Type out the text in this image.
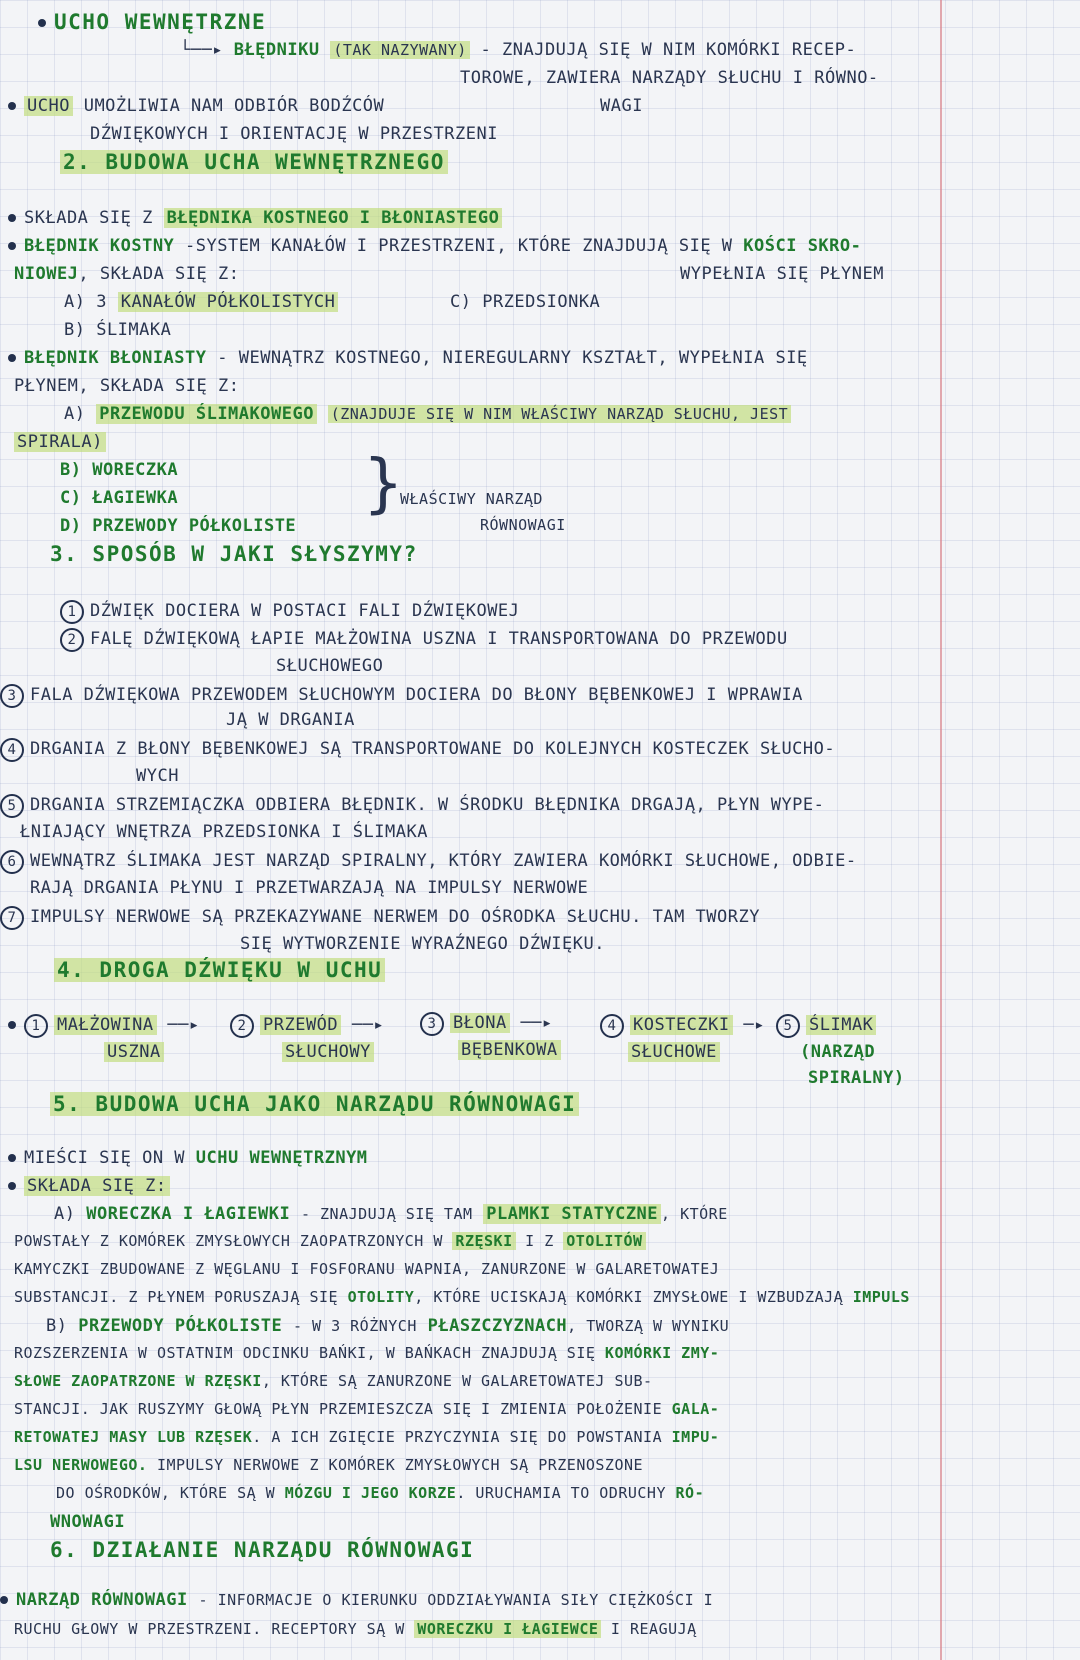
UCHO WEWNĘTRZNE
└──▸ BŁĘDNIKU (TAK NAZYWANY) - ZNAJDUJĄ SIĘ W NIM KOMÓRKI RECEP-
TOROWE, ZAWIERA NARZĄDY SŁUCHU I RÓWNO-
WAGI
UCHO UMOŻLIWIA NAM ODBIÓR BODŹCÓW
DŹWIĘKOWYCH I ORIENTACJĘ W PRZESTRZENI
2. BUDOWA UCHA WEWNĘTRZNEGO
SKŁADA SIĘ Z BŁĘDNIKA KOSTNEGO I BŁONIASTEGO
BŁĘDNIK KOSTNY -SYSTEM KANAŁÓW I PRZESTRZENI, KTÓRE ZNAJDUJĄ SIĘ W KOŚCI SKRO-
NIOWEJ, SKŁADA SIĘ Z:	WYPEŁNIA SIĘ PŁYNEM
A) 3 KANAŁÓW PÓŁKOLISTYCH	C) PRZEDSIONKA
B) ŚLIMAKA
BŁĘDNIK BŁONIASTY - WEWNĄTRZ KOSTNEGO, NIEREGULARNY KSZTAŁT, WYPEŁNIA SIĘ
PŁYNEM, SKŁADA SIĘ Z:
A) PRZEWODU ŚLIMAKOWEGO (ZNAJDUJE SIĘ W NIM WŁAŚCIWY NARZĄD SŁUCHU, JEST
SPIRALA)
B) WORECZKA
C) ŁAGIEWKA
D) PRZEWODY PÓŁKOLISTE
}
WŁAŚCIWY NARZĄD
RÓWNOWAGI
3. SPOSÓB W JAKI SŁYSZYMY?
1 DŹWIĘK DOCIERA W POSTACI FALI DŹWIĘKOWEJ
2 FALĘ DŹWIĘKOWĄ ŁAPIE MAŁŻOWINA USZNA I TRANSPORTOWANA DO PRZEWODU
SŁUCHOWEGO
3 FALA DŹWIĘKOWA PRZEWODEM SŁUCHOWYM DOCIERA DO BŁONY BĘBENKOWEJ I WPRAWIA
JĄ W DRGANIA
4 DRGANIA Z BŁONY BĘBENKOWEJ SĄ TRANSPORTOWANE DO KOLEJNYCH KOSTECZEK SŁUCHO-
WYCH
5 DRGANIA STRZEMIĄCZKA ODBIERA BŁĘDNIK. W ŚRODKU BŁĘDNIKA DRGAJĄ, PŁYN WYPE-
ŁNIAJĄCY WNĘTRZA PRZEDSIONKA I ŚLIMAKA
6 WEWNĄTRZ ŚLIMAKA JEST NARZĄD SPIRALNY, KTÓRY ZAWIERA KOMÓRKI SŁUCHOWE, ODBIE-
RAJĄ DRGANIA PŁYNU I PRZETWARZAJĄ NA IMPULSY NERWOWE
7 IMPULSY NERWOWE SĄ PRZEKAZYWANE NERWEM DO OŚRODKA SŁUCHU. TAM TWORZY
SIĘ WYTWORZENIE WYRAŹNEGO DŹWIĘKU.
4. DROGA DŹWIĘKU W UCHU
1 MAŁŻOWINA ──▸
USZNA
2 PRZEWÓD ──▸
SŁUCHOWY
3 BŁONA ──▸
BĘBENKOWA
4 KOSTECZKI ─▸
SŁUCHOWE
5 ŚLIMAK
(NARZĄD
SPIRALNY)
5. BUDOWA UCHA JAKO NARZĄDU RÓWNOWAGI
MIEŚCI SIĘ ON W UCHU WEWNĘTRZNYM
SKŁADA SIĘ Z:
A) WORECZKA I ŁAGIEWKI - ZNAJDUJĄ SIĘ TAM PLAMKI STATYCZNE , KTÓRE
POWSTAŁY Z KOMÓREK ZMYSŁOWYCH ZAOPATRZONYCH W RZĘSKI I Z OTOLITÓW
KAMYCZKI ZBUDOWANE Z WĘGLANU I FOSFORANU WAPNIA, ZANURZONE W GALARETOWATEJ
SUBSTANCJI. Z PŁYNEM PORUSZAJĄ SIĘ OTOLITY, KTÓRE UCISKAJĄ KOMÓRKI ZMYSŁOWE I WZBUDZAJĄ IMPULS
B) PRZEWODY PÓŁKOLISTE - W 3 RÓŻNYCH PŁASZCZYZNACH, TWORZĄ W WYNIKU
ROZSZERZENIA W OSTATNIM ODCINKU BAŃKI, W BAŃKACH ZNAJDUJĄ SIĘ KOMÓRKI ZMY-
SŁOWE ZAOPATRZONE W RZĘSKI, KTÓRE SĄ ZANURZONE W GALARETOWATEJ SUB-
STANCJI. JAK RUSZYMY GŁOWĄ PŁYN PRZEMIESZCZA SIĘ I ZMIENIA POŁOŻENIE GALA-
RETOWATEJ MASY LUB RZĘSEK. A ICH ZGIĘCIE PRZYCZYNIA SIĘ DO POWSTANIA IMPU-
LSU NERWOWEGO. IMPULSY NERWOWE Z KOMÓREK ZMYSŁOWYCH SĄ PRZENOSZONE
DO OŚRODKÓW, KTÓRE SĄ W MÓZGU I JEGO KORZE. URUCHAMIA TO ODRUCHY RÓ-
WNOWAGI
6. DZIAŁANIE NARZĄDU RÓWNOWAGI
NARZĄD RÓWNOWAGI - INFORMACJE O KIERUNKU ODDZIAŁYWANIA SIŁY CIĘŻKOŚCI I
RUCHU GŁOWY W PRZESTRZENI. RECEPTORY SĄ W WORECZKU I ŁAGIEWCE I REAGUJĄ
